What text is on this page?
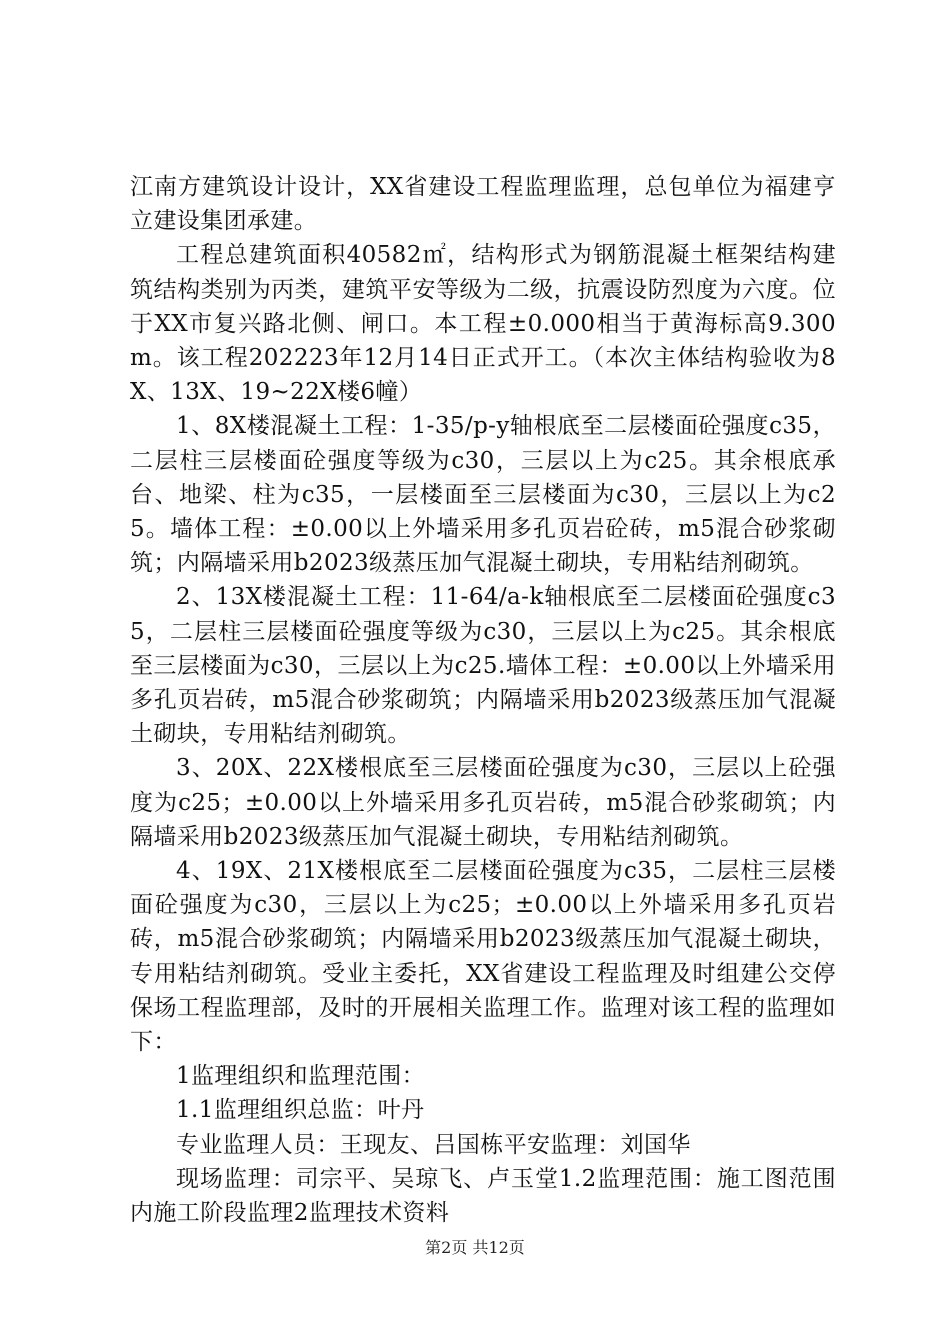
江南方建筑设计设计，XX省建设工程监理监理，总包单位为福建亨立建设集团承建。

工程总建筑面积40582㎡，结构形式为钢筋混凝土框架结构建筑结构类别为丙类，建筑平安等级为二级，抗震设防烈度为六度。位于XX市复兴路北侧、闸口。本工程±0.000相当于黄海标高9.300m。该工程202223年12月14日正式开工。（本次主体结构验收为8X、13X、19~22X楼6幢）

1、8X楼混凝土工程：1-35/p-y轴根底至二层楼面砼强度c35，二层柱三层楼面砼强度等级为c30，三层以上为c25。其余根底承台、地梁、柱为c35，一层楼面至三层楼面为c30，三层以上为c25。墙体工程：±0.00以上外墙采用多孔页岩砼砖，m5混合砂浆砌筑；内隔墙采用b2023级蒸压加气混凝土砌块，专用粘结剂砌筑。

2、13X楼混凝土工程：11-64/a-k轴根底至二层楼面砼强度c35，二层柱三层楼面砼强度等级为c30，三层以上为c25。其余根底至三层楼面为c30，三层以上为c25.墙体工程：±0.00以上外墙采用多孔页岩砖，m5混合砂浆砌筑；内隔墙采用b2023级蒸压加气混凝土砌块，专用粘结剂砌筑。

3、20X、22X楼根底至三层楼面砼强度为c30，三层以上砼强度为c25；±0.00以上外墙采用多孔页岩砖，m5混合砂浆砌筑；内隔墙采用b2023级蒸压加气混凝土砌块，专用粘结剂砌筑。

4、19X、21X楼根底至二层楼面砼强度为c35，二层柱三层楼面砼强度为c30，三层以上为c25；±0.00以上外墙采用多孔页岩砖，m5混合砂浆砌筑；内隔墙采用b2023级蒸压加气混凝土砌块，专用粘结剂砌筑。受业主委托，XX省建设工程监理及时组建公交停保场工程监理部，及时的开展相关监理工作。监理对该工程的监理如下：

1监理组织和监理范围：

1.1监理组织总监：叶丹

专业监理人员：王现友、吕国栋平安监理：刘国华

现场监理：司宗平、吴琼飞、卢玉堂1.2监理范围：施工图范围内施工阶段监理2监理技术资料

第2页 共12页
